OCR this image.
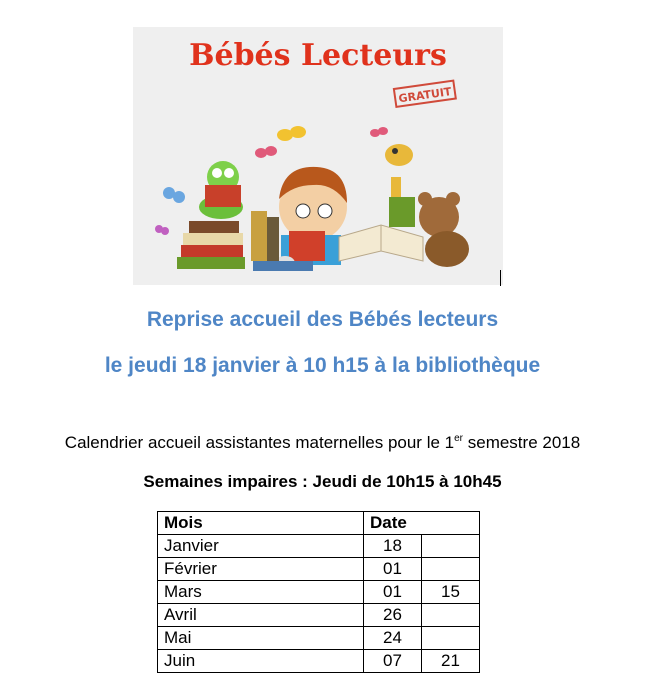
Bébés Lecteurs
GRATUIT
Reprise accueil des Bébés lecteurs
le jeudi 18 janvier à 10 h15 à la bibliothèque
Calendrier accueil assistantes maternelles pour le 1er semestre 2018
Semaines impaires : Jeudi de 10h15 à 10h45
Mois	Date	
Janvier	18	
Février	01	
Mars	01	15
Avril	26	
Mai	24	
Juin	07	21
